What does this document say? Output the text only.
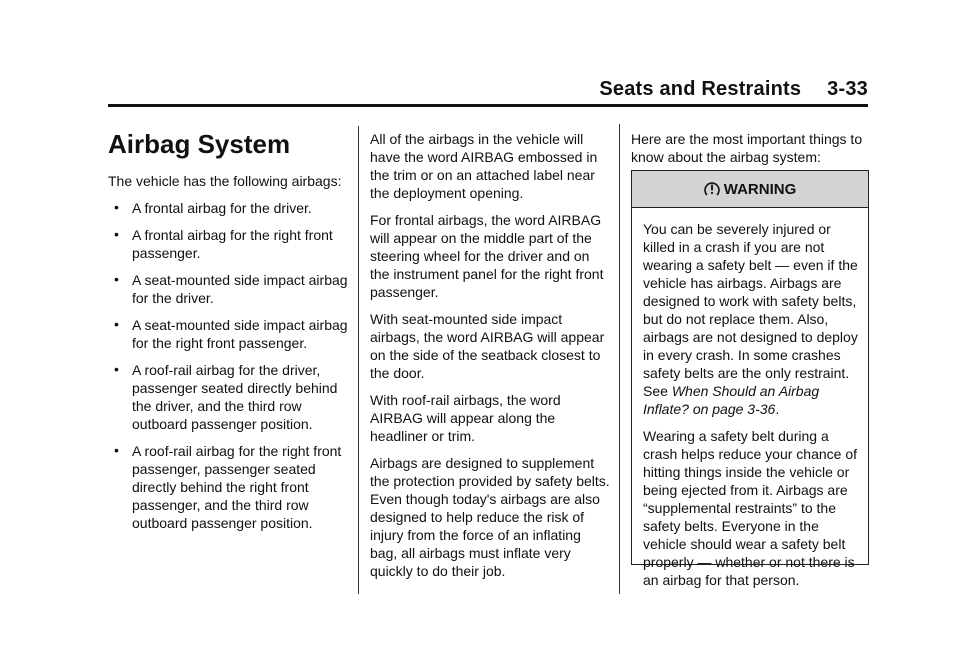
Seats and Restraints  3-33
Airbag System

The vehicle has the following airbags:

• A frontal airbag for the driver.
• A frontal airbag for the right front passenger.
• A seat-mounted side impact airbag for the driver.
• A seat-mounted side impact airbag for the right front passenger.
• A roof-rail airbag for the driver, passenger seated directly behind the driver, and the third row outboard passenger position.
• A roof-rail airbag for the right front passenger, passenger seated directly behind the right front passenger, and the third row outboard passenger position.

All of the airbags in the vehicle will have the word AIRBAG embossed in the trim or on an attached label near the deployment opening.

For frontal airbags, the word AIRBAG will appear on the middle part of the steering wheel for the driver and on the instrument panel for the right front passenger.

With seat-mounted side impact airbags, the word AIRBAG will appear on the side of the seatback closest to the door.

With roof-rail airbags, the word AIRBAG will appear along the headliner or trim.

Airbags are designed to supplement the protection provided by safety belts. Even though today's airbags are also designed to help reduce the risk of injury from the force of an inflating bag, all airbags must inflate very quickly to do their job.

Here are the most important things to know about the airbag system:

WARNING

You can be severely injured or killed in a crash if you are not wearing a safety belt — even if the vehicle has airbags. Airbags are designed to work with safety belts, but do not replace them. Also, airbags are not designed to deploy in every crash. In some crashes safety belts are the only restraint. See When Should an Airbag Inflate? on page 3-36.

Wearing a safety belt during a crash helps reduce your chance of hitting things inside the vehicle or being ejected from it. Airbags are “supplemental restraints” to the safety belts. Everyone in the vehicle should wear a safety belt properly — whether or not there is an airbag for that person.
